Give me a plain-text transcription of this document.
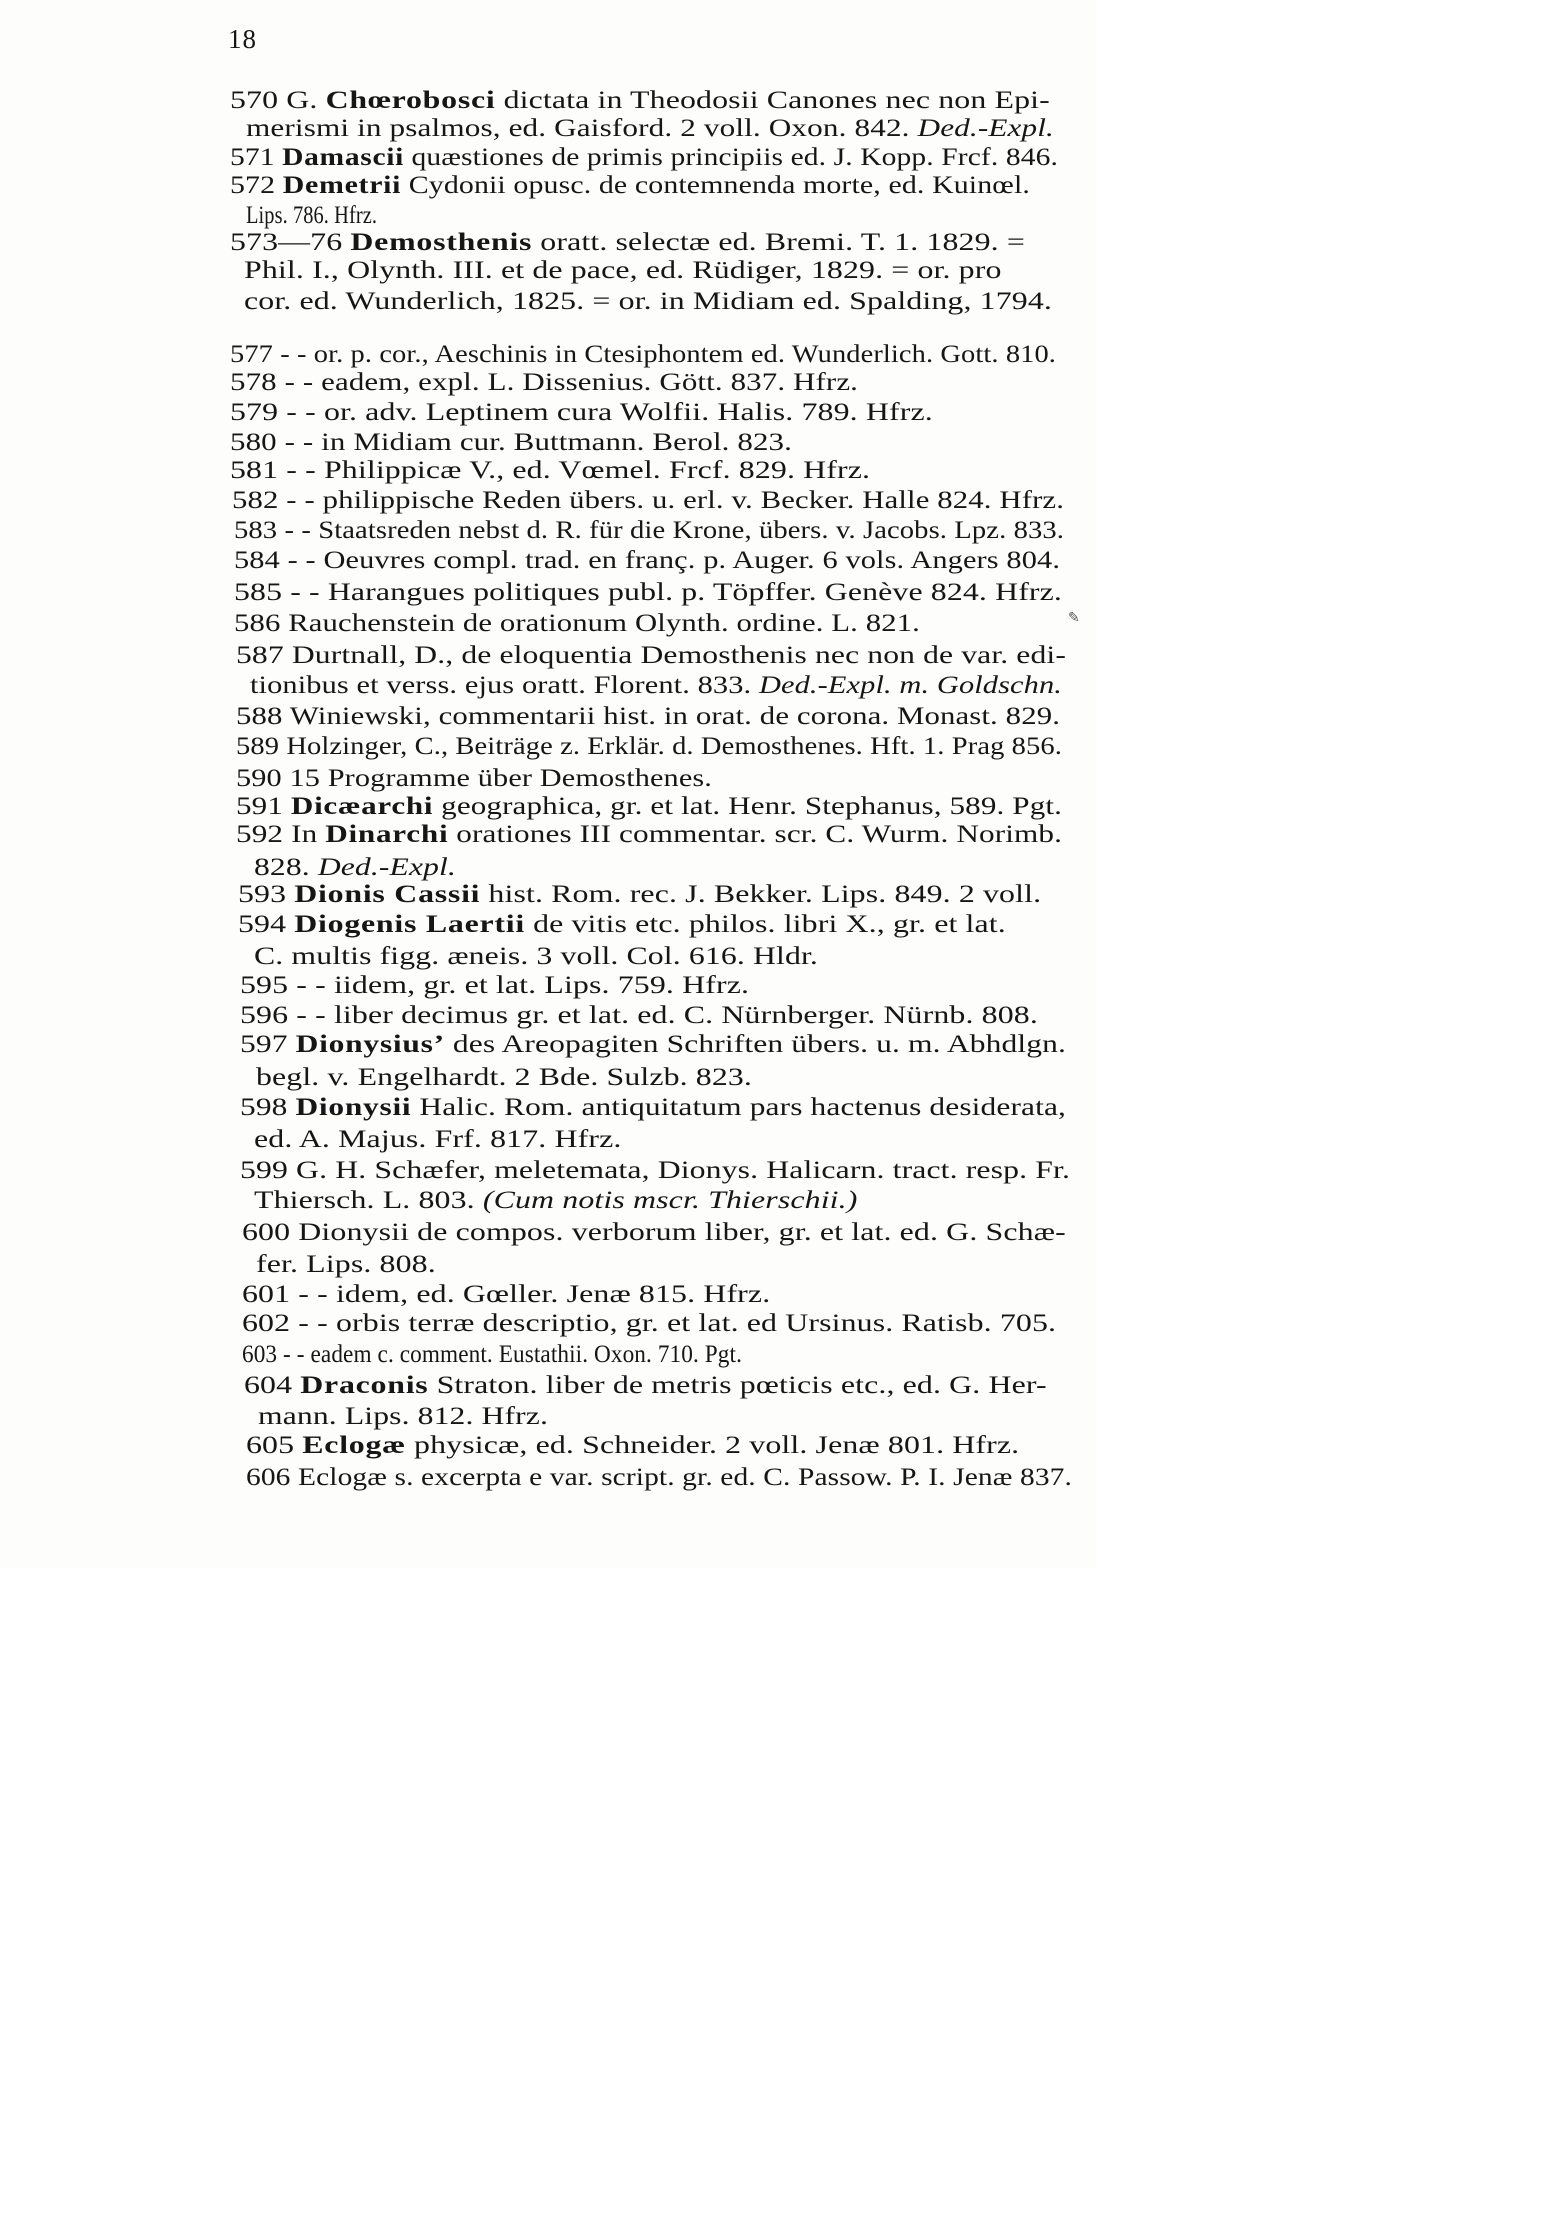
18
570 G. Chœrobosci dictata in Theodosii Canones nec non Epi-
merismi in psalmos, ed. Gaisford. 2 voll. Oxon. 842. Ded.-Expl.
571 Damascii quæstiones de primis principiis ed. J. Kopp. Frcf. 846.
572 Demetrii Cydonii opusc. de contemnenda morte, ed. Kuinœl.
Lips. 786. Hfrz.
573—76 Demosthenis oratt. selectæ ed. Bremi. T. 1. 1829. =
Phil. I., Olynth. III. et de pace, ed. Rüdiger, 1829. = or. pro
cor. ed. Wunderlich, 1825. = or. in Midiam ed. Spalding, 1794.
577 - - or. p. cor., Aeschinis in Ctesiphontem ed. Wunderlich. Gott. 810.
578 - - eadem, expl. L. Dissenius. Gött. 837. Hfrz.
579 - - or. adv. Leptinem cura Wolfii. Halis. 789. Hfrz.
580 - - in Midiam cur. Buttmann. Berol. 823.
581 - - Philippicæ V., ed. Vœmel. Frcf. 829. Hfrz.
582 - - philippische Reden übers. u. erl. v. Becker. Halle 824. Hfrz.
583 - - Staatsreden nebst d. R. für die Krone, übers. v. Jacobs. Lpz. 833.
584 - - Oeuvres compl. trad. en franç. p. Auger. 6 vols. Angers 804.
585 - - Harangues politiques publ. p. Töpffer. Genève 824. Hfrz.
586 Rauchenstein de orationum Olynth. ordine. L. 821.
587 Durtnall, D., de eloquentia Demosthenis nec non de var. edi-
tionibus et verss. ejus oratt. Florent. 833. Ded.-Expl. m. Goldschn.
588 Winiewski, commentarii hist. in orat. de corona. Monast. 829.
589 Holzinger, C., Beiträge z. Erklär. d. Demosthenes. Hft. 1. Prag 856.
590 15 Programme über Demosthenes.
591 Dicæarchi geographica, gr. et lat. Henr. Stephanus, 589. Pgt.
592 In Dinarchi orationes III commentar. scr. C. Wurm. Norimb.
828. Ded.-Expl.
593 Dionis Cassii hist. Rom. rec. J. Bekker. Lips. 849. 2 voll.
594 Diogenis Laertii de vitis etc. philos. libri X., gr. et lat.
C. multis figg. æneis. 3 voll. Col. 616. Hldr.
595 - - iidem, gr. et lat. Lips. 759. Hfrz.
596 - - liber decimus gr. et lat. ed. C. Nürnberger. Nürnb. 808.
597 Dionysius’ des Areopagiten Schriften übers. u. m. Abhdlgn.
begl. v. Engelhardt. 2 Bde. Sulzb. 823.
598 Dionysii Halic. Rom. antiquitatum pars hactenus desiderata,
ed. A. Majus. Frf. 817. Hfrz.
599 G. H. Schæfer, meletemata, Dionys. Halicarn. tract. resp. Fr.
Thiersch. L. 803. (Cum notis mscr. Thierschii.)
600 Dionysii de compos. verborum liber, gr. et lat. ed. G. Schæ-
fer. Lips. 808.
601 - - idem, ed. Gœller. Jenæ 815. Hfrz.
602 - - orbis terræ descriptio, gr. et lat. ed Ursinus. Ratisb. 705.
603 - - eadem c. comment. Eustathii. Oxon. 710. Pgt.
604 Draconis Straton. liber de metris pœticis etc., ed. G. Her-
mann. Lips. 812. Hfrz.
605 Eclogæ physicæ, ed. Schneider. 2 voll. Jenæ 801. Hfrz.
606 Eclogæ s. excerpta e var. script. gr. ed. C. Passow. P. I. Jenæ 837.
✎
